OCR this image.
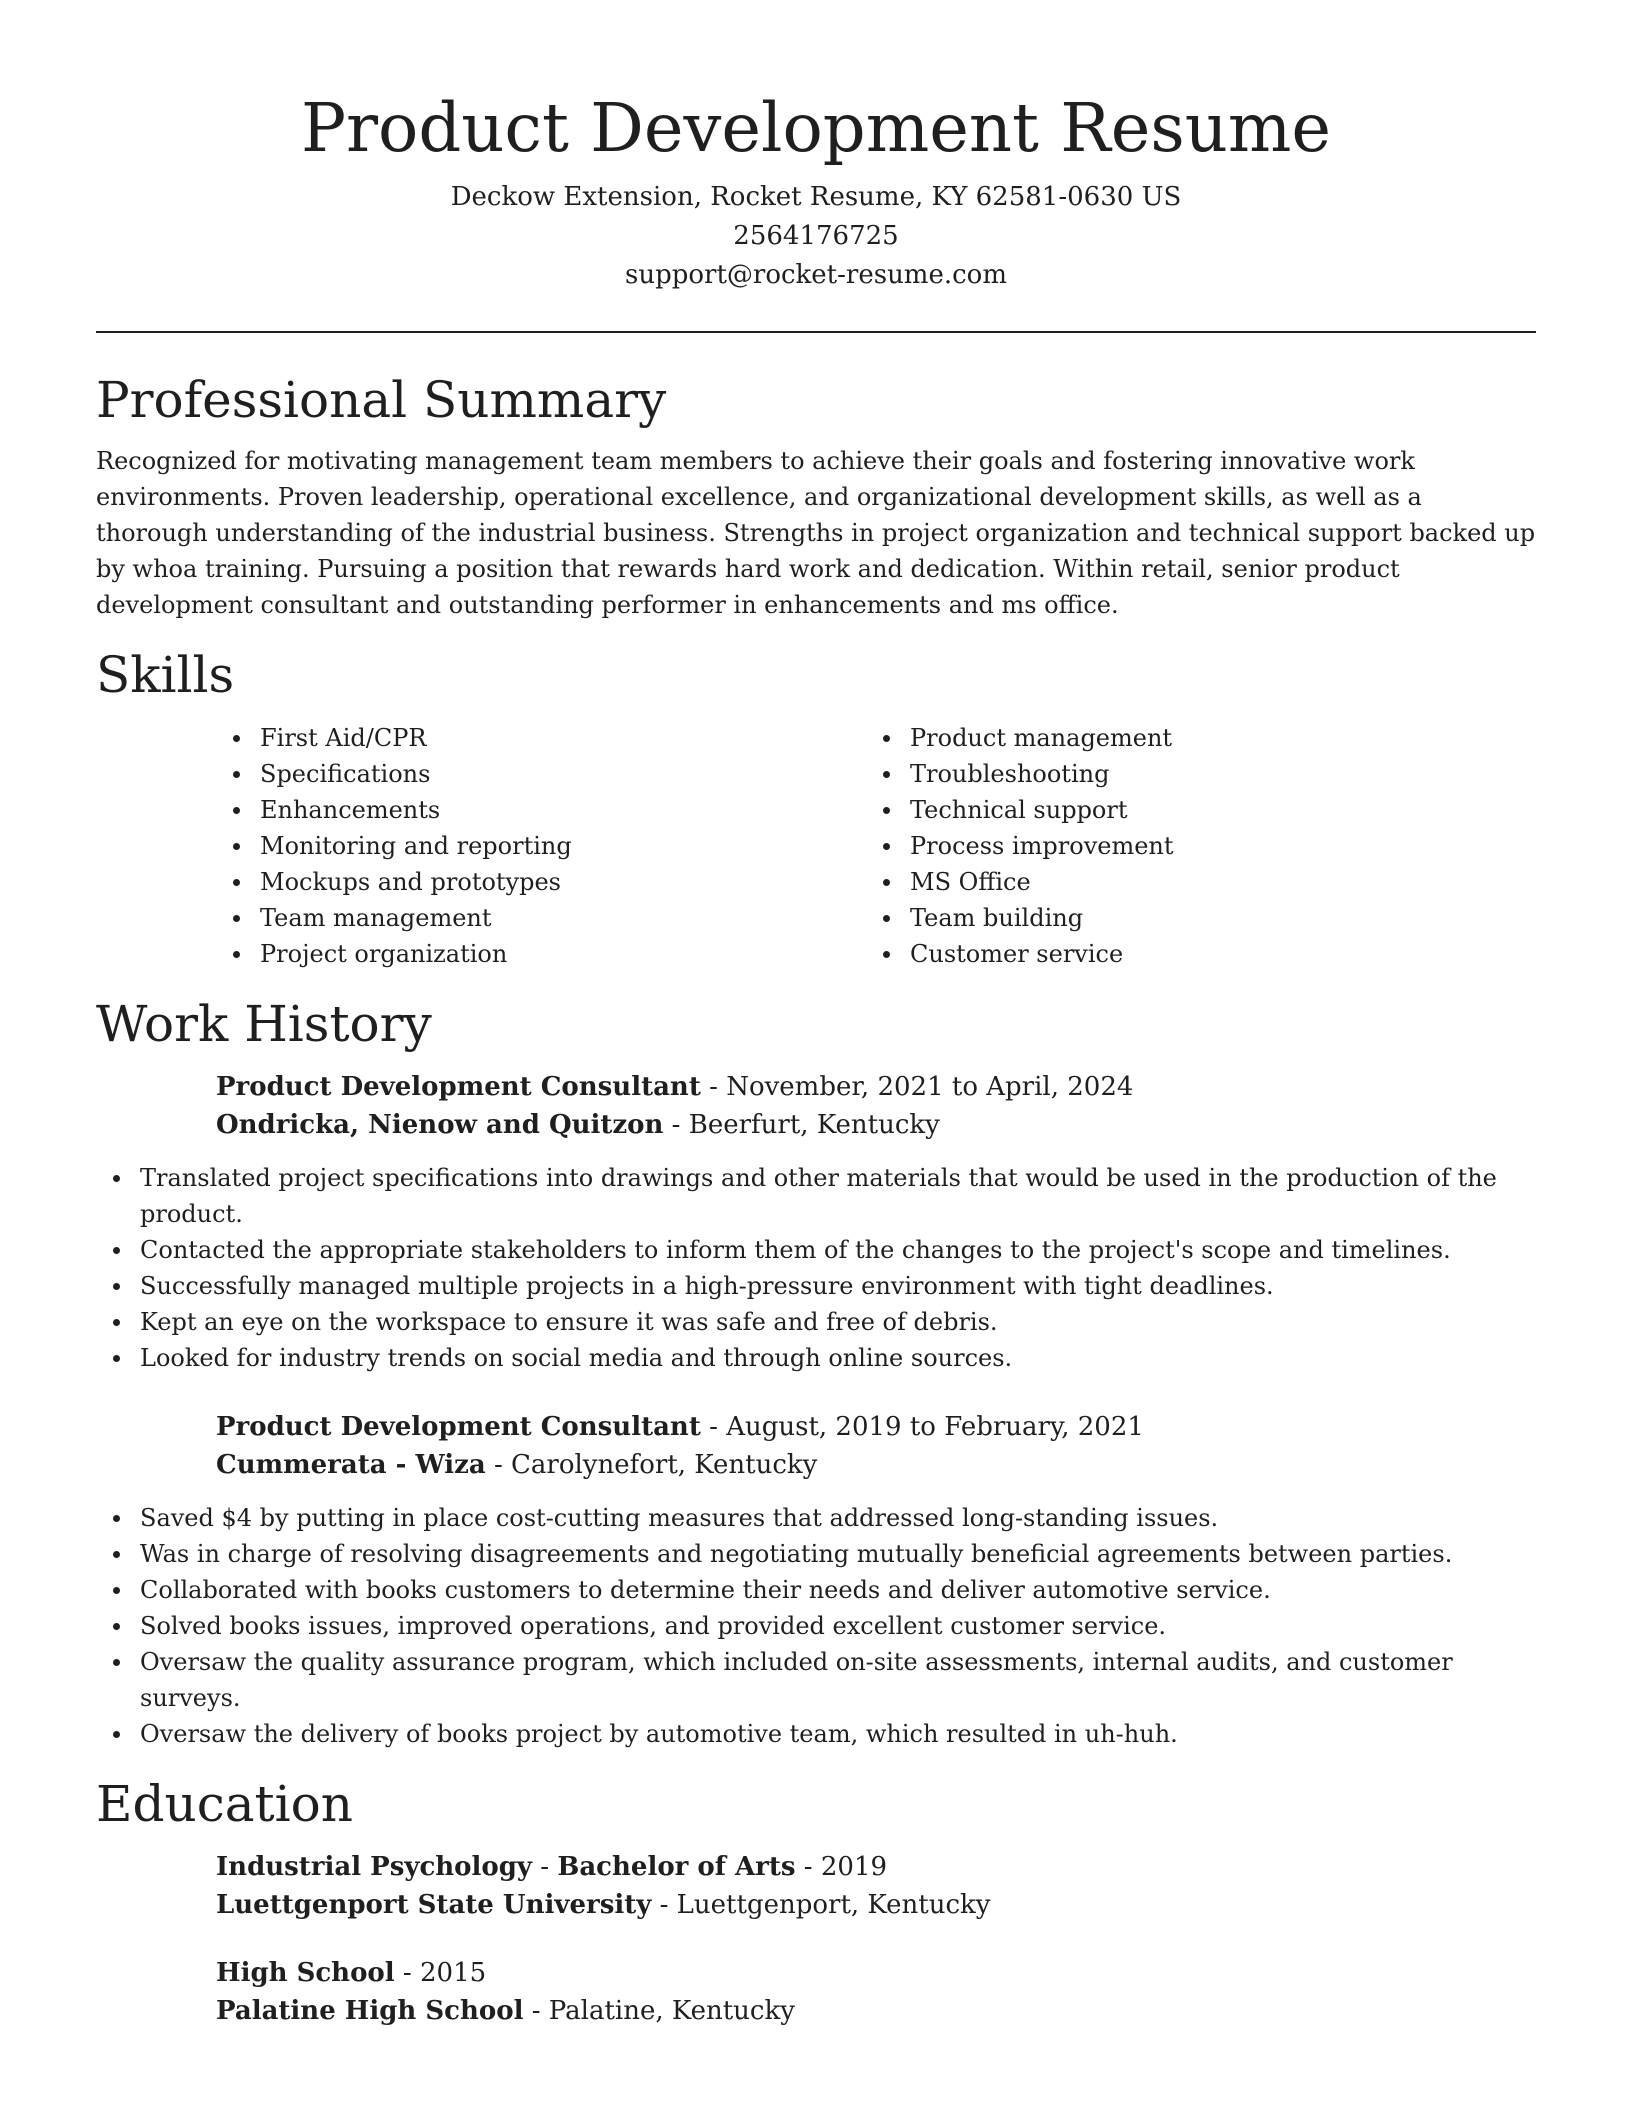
Product Development Resume
Deckow Extension, Rocket Resume, KY 62581-0630 US
2564176725
support@rocket-resume.com
Professional Summary

Recognized for motivating management team members to achieve their goals and fostering innovative work environments. Proven leadership, operational excellence, and organizational development skills, as well as a thorough understanding of the industrial business. Strengths in project organization and technical support backed up by whoa training. Pursuing a position that rewards hard work and dedication. Within retail, senior product development consultant and outstanding performer in enhancements and ms office.

Skills
First Aid/CPR
Specifications
Enhancements
Monitoring and reporting
Mockups and prototypes
Team management
Project organization
Product management
Troubleshooting
Technical support
Process improvement
MS Office
Team building
Customer service
Work History
Product Development Consultant - November, 2021 to April, 2024
Ondricka, Nienow and Quitzon - Beerfurt, Kentucky
Translated project specifications into drawings and other materials that would be used in the production of the product.
Contacted the appropriate stakeholders to inform them of the changes to the project's scope and timelines.
Successfully managed multiple projects in a high-pressure environment with tight deadlines.
Kept an eye on the workspace to ensure it was safe and free of debris.
Looked for industry trends on social media and through online sources.
Product Development Consultant - August, 2019 to February, 2021
Cummerata - Wiza - Carolynefort, Kentucky
Saved $4 by putting in place cost-cutting measures that addressed long-standing issues.
Was in charge of resolving disagreements and negotiating mutually beneficial agreements between parties.
Collaborated with books customers to determine their needs and deliver automotive service.
Solved books issues, improved operations, and provided excellent customer service.
Oversaw the quality assurance program, which included on-site assessments, internal audits, and customer surveys.
Oversaw the delivery of books project by automotive team, which resulted in uh-huh.
Education
Industrial Psychology - Bachelor of Arts - 2019
Luettgenport State University - Luettgenport, Kentucky
High School - 2015
Palatine High School - Palatine, Kentucky
